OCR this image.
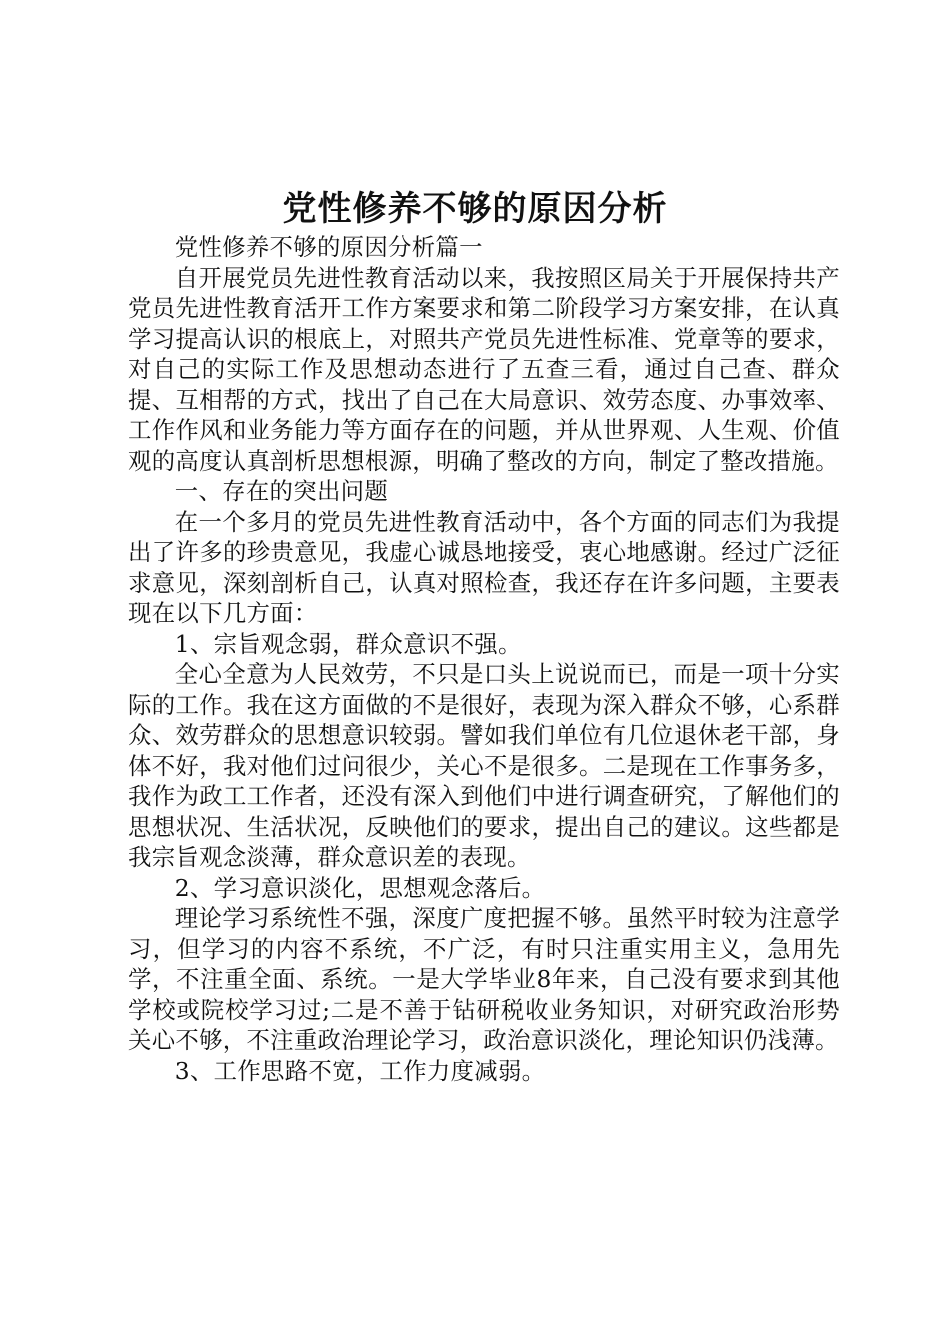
党性修养不够的原因分析

党性修养不够的原因分析篇一

自开展党员先进性教育活动以来，我按照区局关于开展保持共产党员先进性教育活开工作方案要求和第二阶段学习方案安排，在认真学习提高认识的根底上，对照共产党员先进性标准、党章等的要求，对自己的实际工作及思想动态进行了五查三看，通过自己查、群众提、互相帮的方式，找出了自己在大局意识、效劳态度、办事效率、工作作风和业务能力等方面存在的问题，并从世界观、人生观、价值观的高度认真剖析思想根源，明确了整改的方向，制定了整改措施。

一、存在的突出问题

在一个多月的党员先进性教育活动中，各个方面的同志们为我提出了许多的珍贵意见，我虚心诚恳地接受，衷心地感谢。经过广泛征求意见，深刻剖析自己，认真对照检查，我还存在许多问题，主要表现在以下几方面：

1、宗旨观念弱，群众意识不强。

全心全意为人民效劳，不只是口头上说说而已，而是一项十分实际的工作。我在这方面做的不是很好，表现为深入群众不够，心系群众、效劳群众的思想意识较弱。譬如我们单位有几位退休老干部，身体不好，我对他们过问很少，关心不是很多。二是现在工作事务多，我作为政工工作者，还没有深入到他们中进行调查研究，了解他们的思想状况、生活状况，反映他们的要求，提出自己的建议。这些都是我宗旨观念淡薄，群众意识差的表现。

2、学习意识淡化，思想观念落后。

理论学习系统性不强，深度广度把握不够。虽然平时较为注意学习，但学习的内容不系统，不广泛，有时只注重实用主义，急用先学，不注重全面、系统。一是大学毕业8年来，自己没有要求到其他学校或院校学习过;二是不善于钻研税收业务知识，对研究政治形势关心不够，不注重政治理论学习，政治意识淡化，理论知识仍浅薄。

3、工作思路不宽，工作力度减弱。
